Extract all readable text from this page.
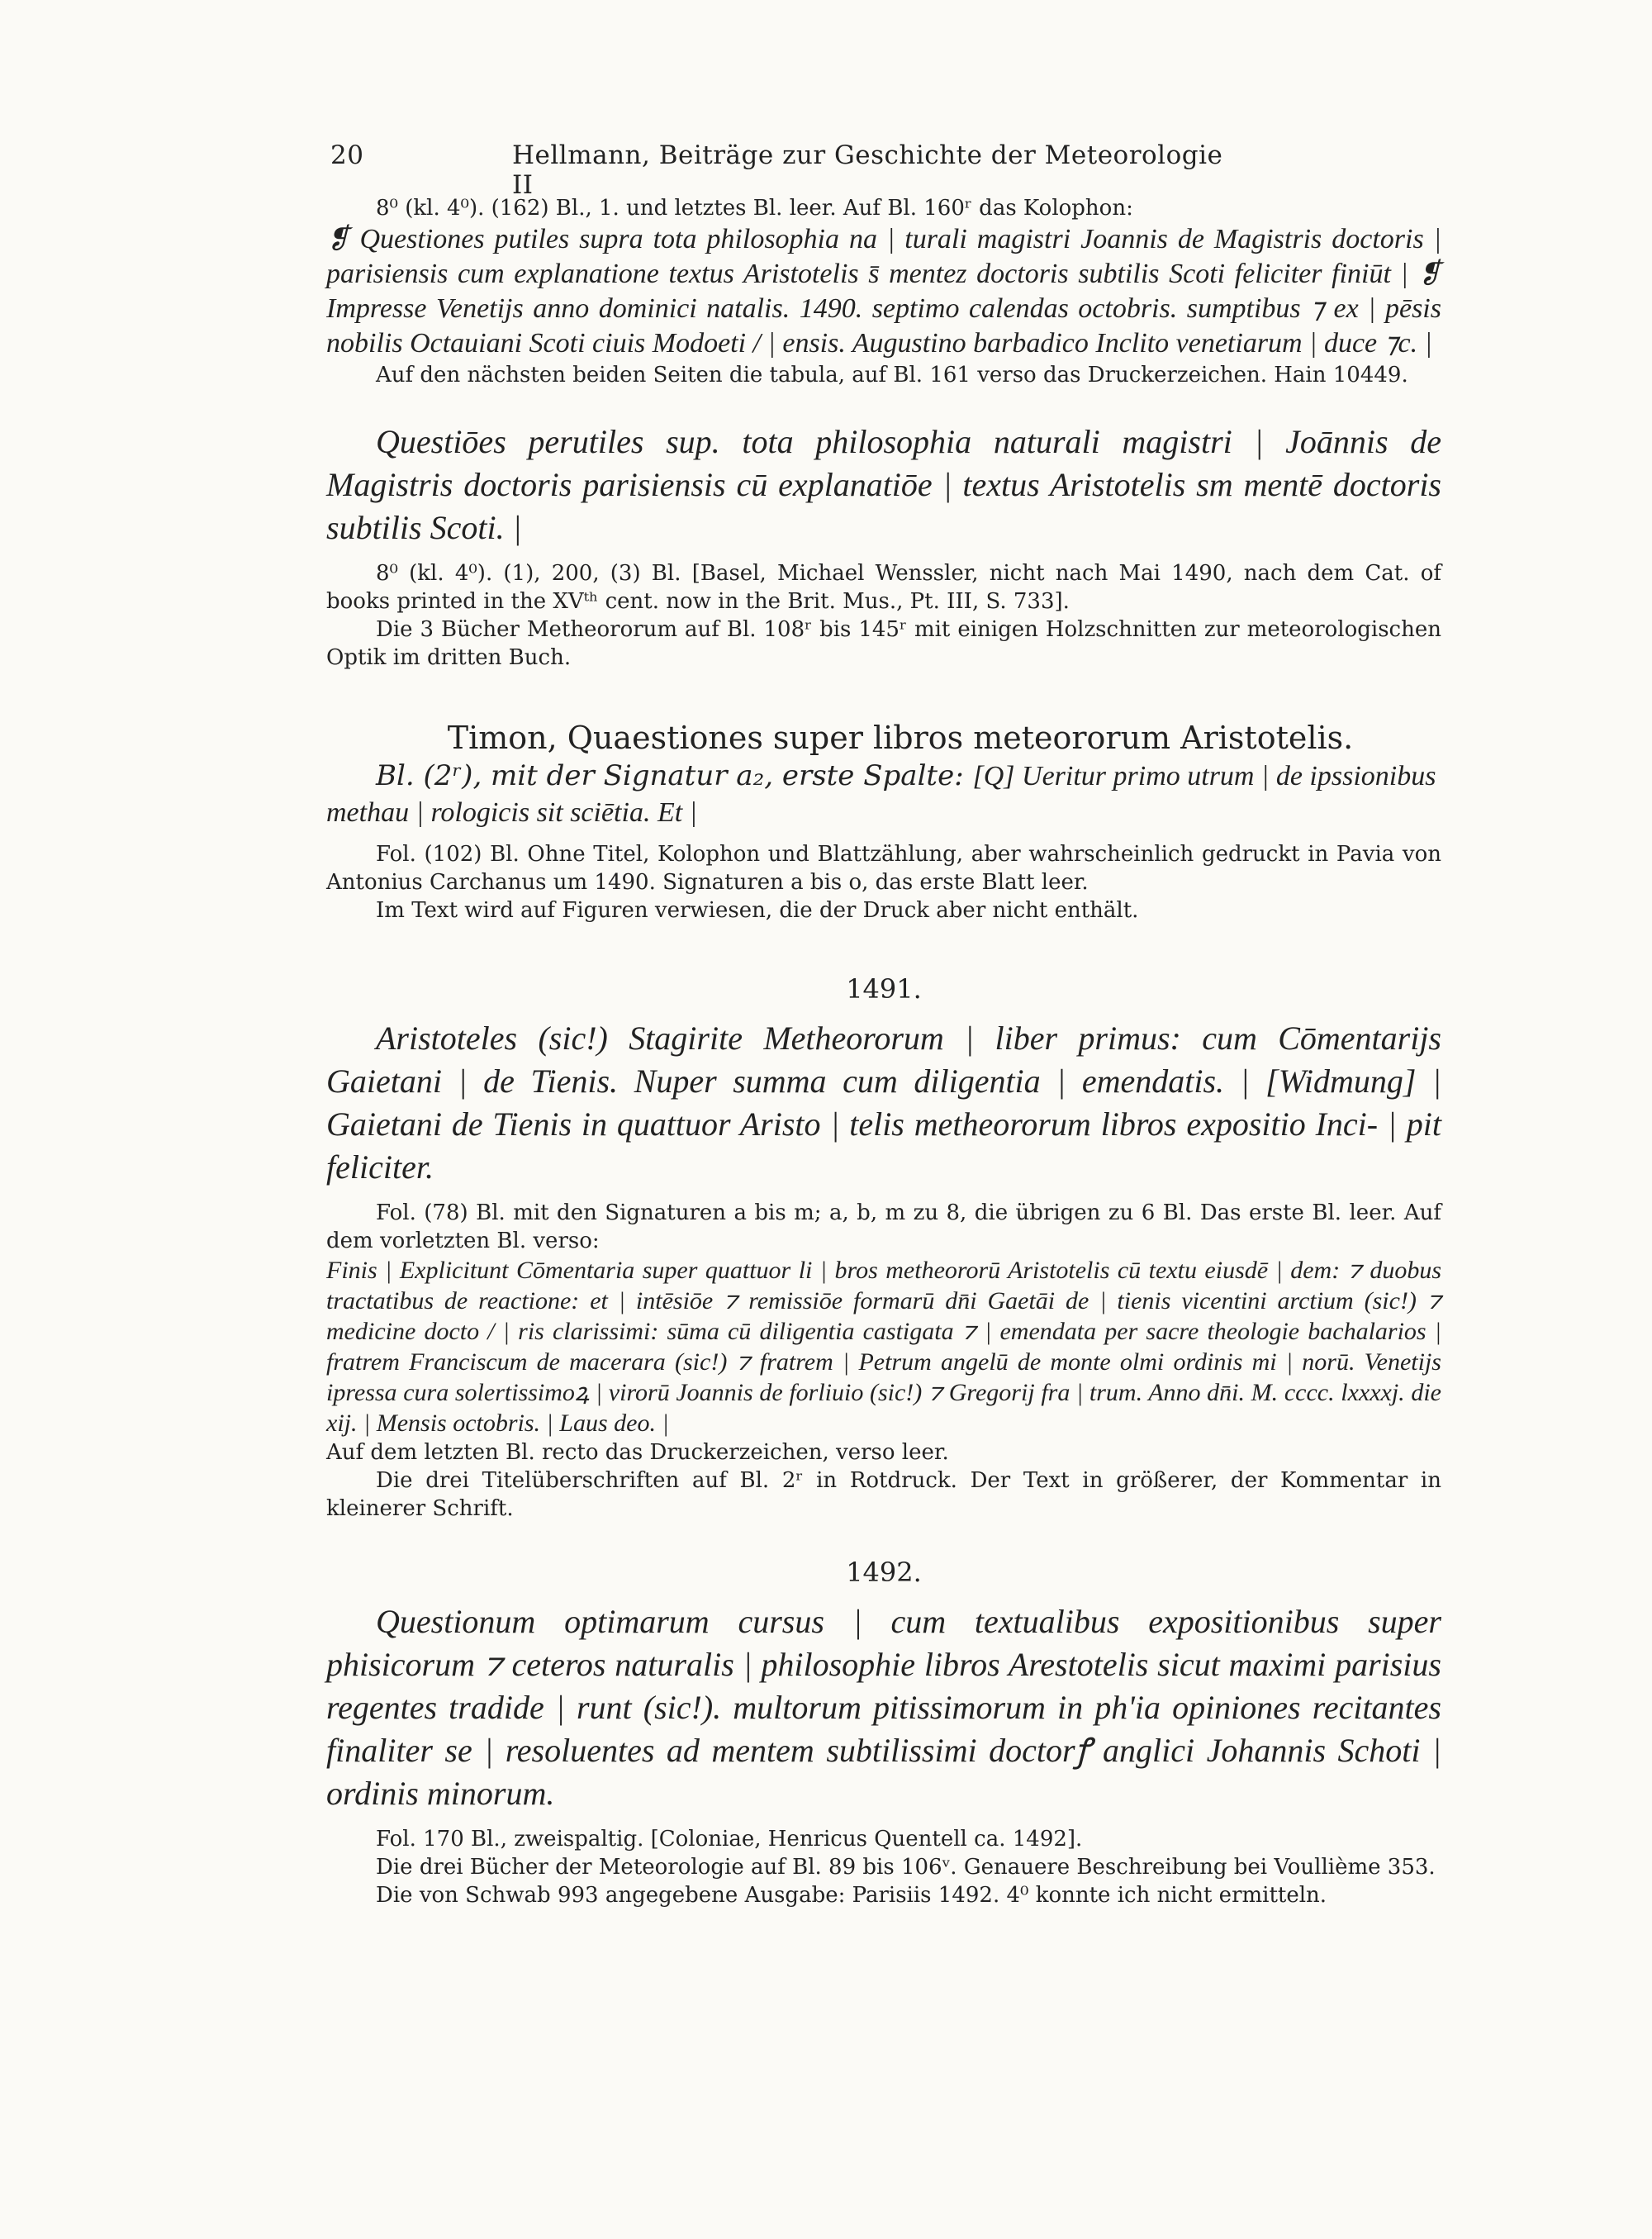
20	Hellmann, Beiträge zur Geschichte der Meteorologie II

8⁰ (kl. 4⁰). (162) Bl., 1. und letztes Bl. leer. Auf Bl. 160ʳ das Kolophon:

❡ Questiones putiles supra tota philosophia na | turali magistri Joannis de Magistris doctoris | parisiensis cum explanatione textus Aristotelis s̄ mentez doctoris subtilis Scoti feliciter finiūt | ❡ Impresse Venetijs anno dominici natalis. 1490. septimo calendas octobris. sumptibus ⁊ ex | pēsis nobilis Octauiani Scoti ciuis Modoeti / | ensis. Augustino barbadico Inclito venetiarum | duce ⁊c. |

Auf den nächsten beiden Seiten die tabula, auf Bl. 161 verso das Druckerzeichen. Hain 10449.

Questiōes perutiles sup. tota philosophia naturali magistri | Joānnis de Magistris doctoris parisiensis cū explanatiōe | textus Aristotelis sm mentē doctoris subtilis Scoti. |

8⁰ (kl. 4⁰). (1), 200, (3) Bl. [Basel, Michael Wenssler, nicht nach Mai 1490, nach dem Cat. of books printed in the XVᵗʰ cent. now in the Brit. Mus., Pt. III, S. 733].

Die 3 Bücher Metheororum auf Bl. 108ʳ bis 145ʳ mit einigen Holzschnitten zur meteorologischen Optik im dritten Buch.

Timon, Quaestiones super libros meteororum Aristotelis.

Bl. (2ʳ), mit der Signatur a₂, erste Spalte: [Q] Ueritur primo utrum | de ipssionibus methau | rologicis sit sciētia. Et |

Fol. (102) Bl. Ohne Titel, Kolophon und Blattzählung, aber wahrscheinlich gedruckt in Pavia von Antonius Carchanus um 1490. Signaturen a bis o, das erste Blatt leer.

Im Text wird auf Figuren verwiesen, die der Druck aber nicht enthält.

1491.

Aristoteles (sic!) Stagirite Metheororum | liber primus: cum Cōmentarijs Gaietani | de Tienis. Nuper summa cum diligentia | emendatis. | [Widmung] | Gaietani de Tienis in quattuor Aristo | telis metheororum libros expositio Inci- | pit feliciter.

Fol. (78) Bl. mit den Signaturen a bis m; a, b, m zu 8, die übrigen zu 6 Bl. Das erste Bl. leer. Auf dem vorletzten Bl. verso:

Finis | Explicitunt Cōmentaria super quattuor li | bros metheororū Aristotelis cū textu eiusdē | dem: ⁊ duobus tractatibus de reactione: et | intēsiōe ⁊ remissiōe formarū dn̄i Gaetāi de | tienis vicentini arctium (sic!) ⁊ medicine docto / | ris clarissimi: sūma cū diligentia castigata ⁊ | emendata per sacre theologie bachalarios | fratrem Franciscum de macerara (sic!) ⁊ fratrem | Petrum angelū de monte olmi ordinis mi | norū. Venetijs ipressa cura solertissimoꝝ | virorū Joannis de forliuio (sic!) ⁊ Gregorij fra | trum. Anno dn̄i. M. cccc. lxxxxj. die xij. | Mensis octobris. | Laus deo. |

Auf dem letzten Bl. recto das Druckerzeichen, verso leer.

Die drei Titelüberschriften auf Bl. 2ʳ in Rotdruck. Der Text in größerer, der Kommentar in kleinerer Schrift.

1492.

Questionum optimarum cursus | cum textualibus expositionibus super phisicorum ⁊ ceteros naturalis | philosophie libros Arestotelis sicut maximi parisius regentes tradide | runt (sic!). multorum pitissimorum in ph'ia opiniones recitantes finaliter se | resoluentes ad mentem subtilissimi doctorꝭ anglici Johannis Schoti | ordinis minorum.

Fol. 170 Bl., zweispaltig. [Coloniae, Henricus Quentell ca. 1492].

Die drei Bücher der Meteorologie auf Bl. 89 bis 106ᵛ. Genauere Beschreibung bei Voullième 353.

Die von Schwab 993 angegebene Ausgabe: Parisiis 1492. 4⁰ konnte ich nicht ermitteln.
